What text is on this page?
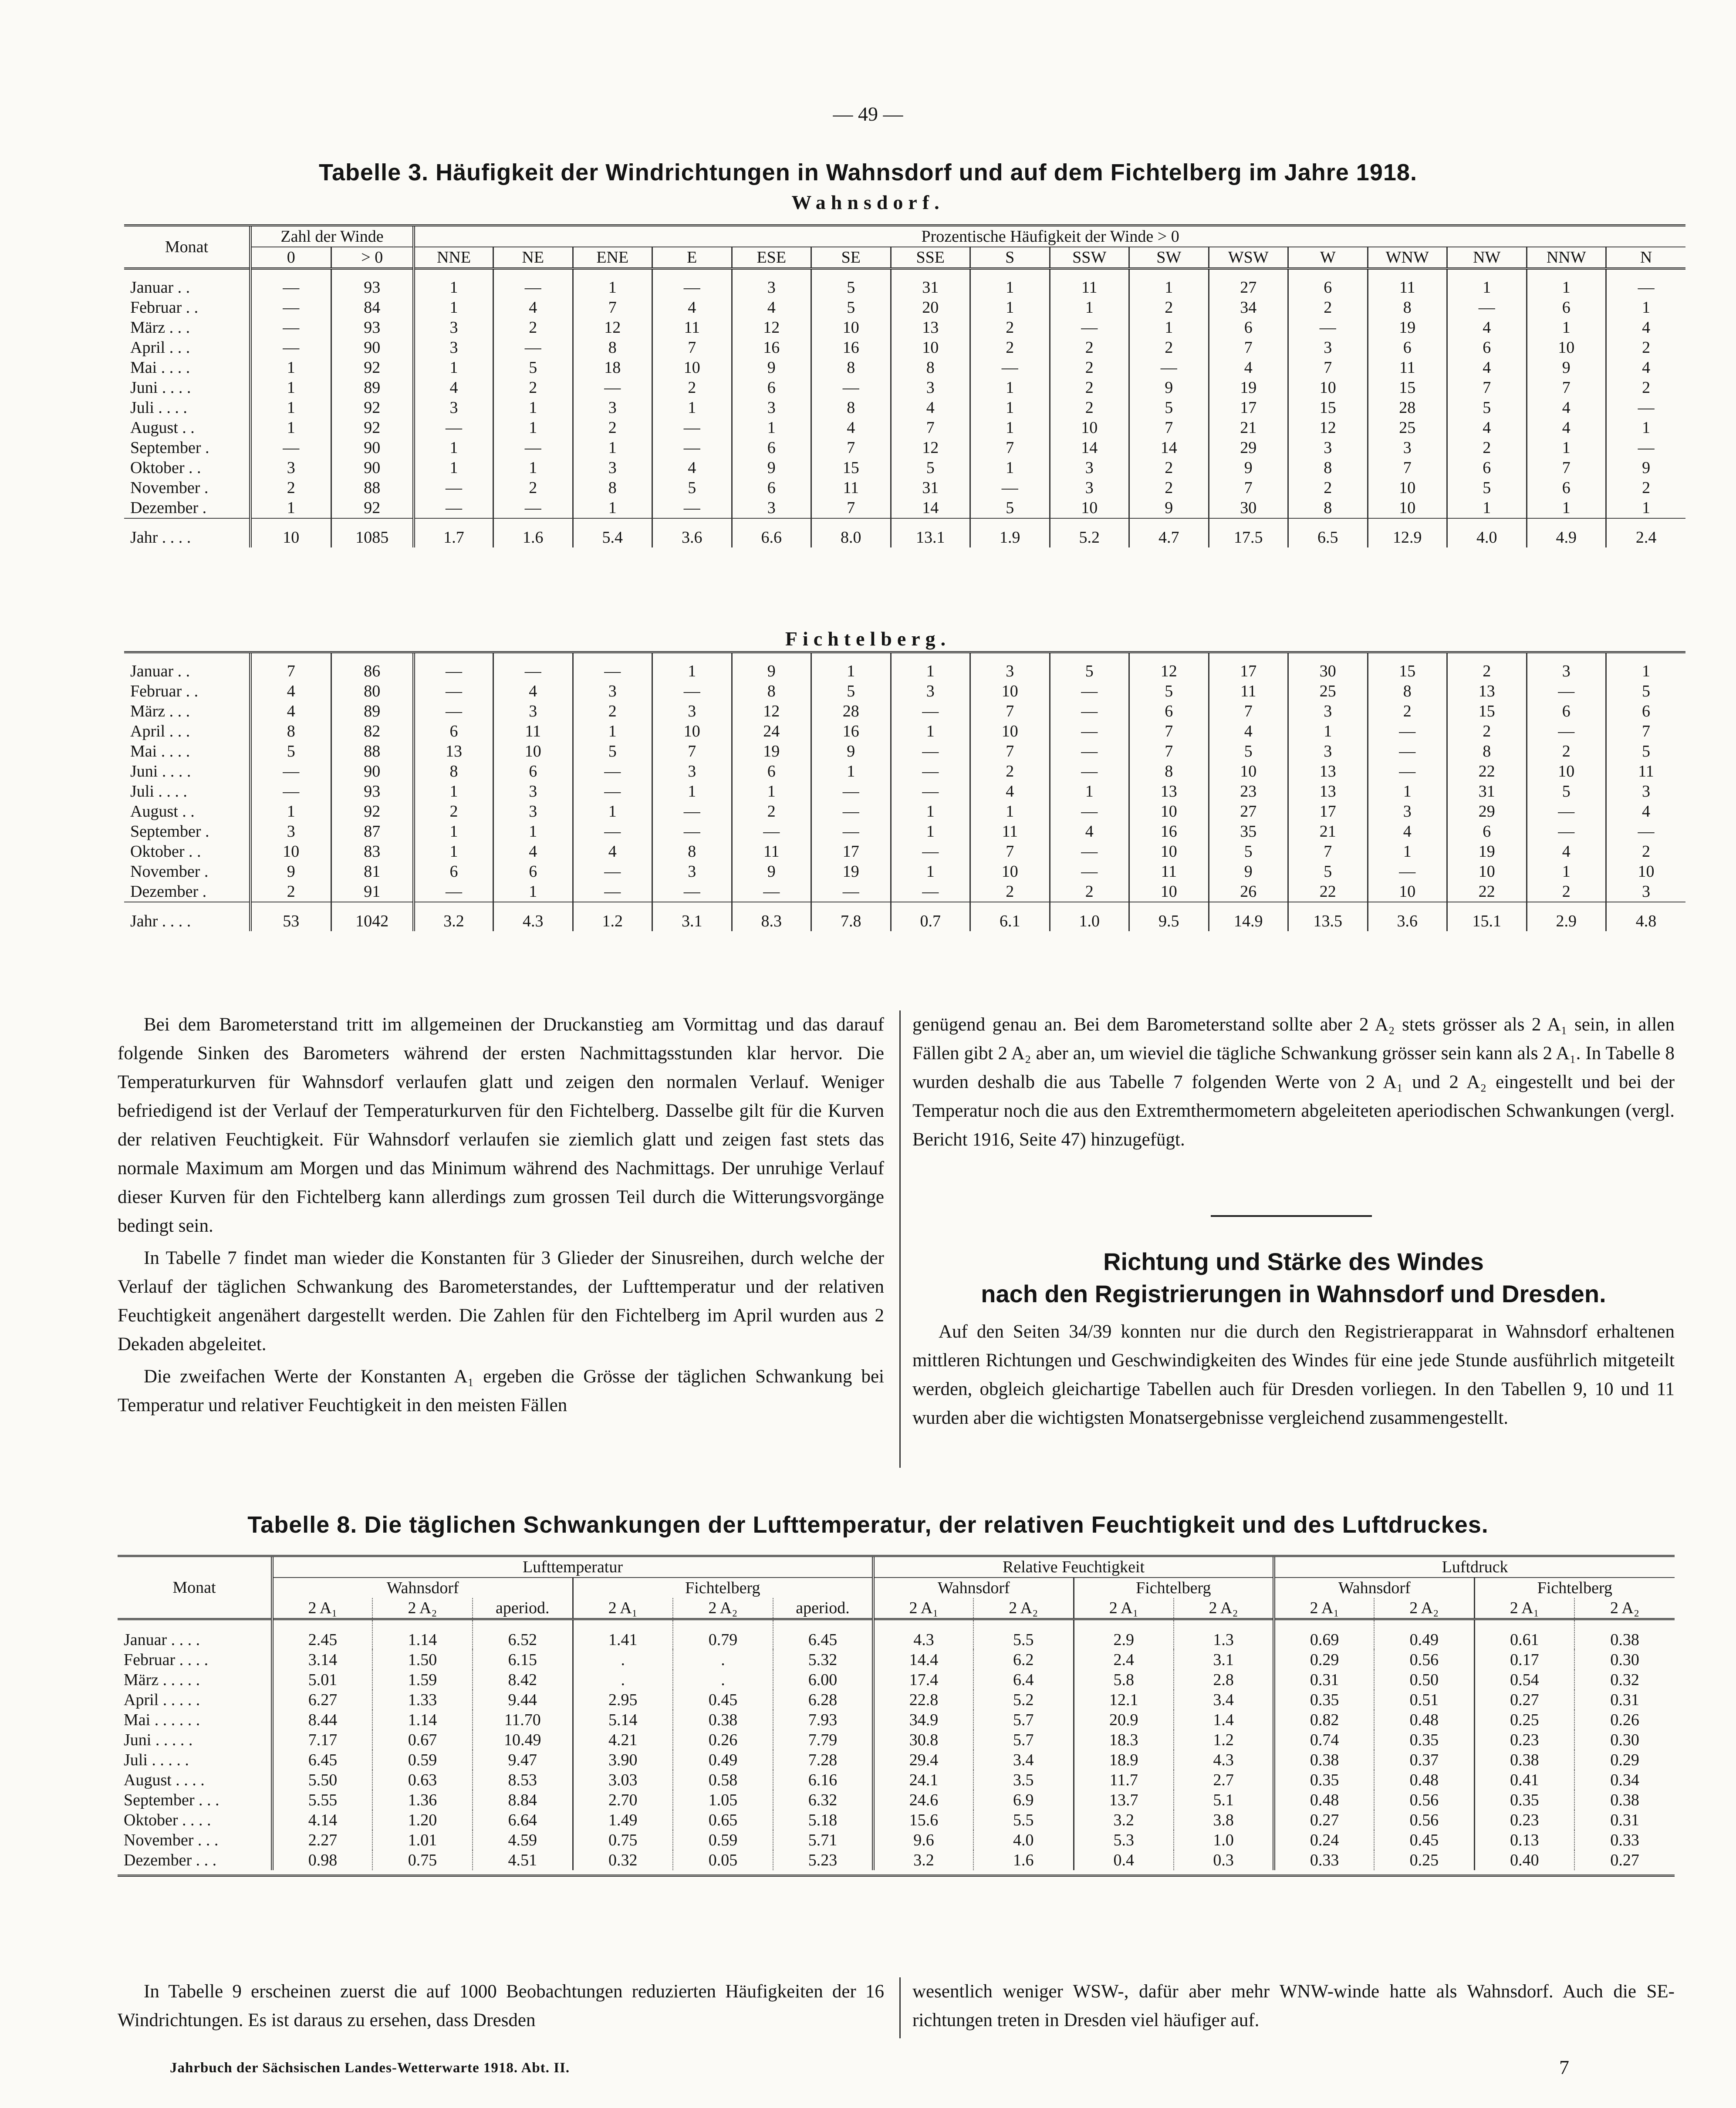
— 49 —
Tabelle 3. Häufigkeit der Windrichtungen in Wahnsdorf und auf dem Fichtelberg im Jahre 1918.
Wahnsdorf.
Monat	Zahl der Winde		Prozentische Häufigkeit der Winde > 0															
	0	> 0	NNE	NE	ENE	E	ESE	SE	SSE	S	SSW	SW	WSW	W	WNW	NW	NNW	N
Januar . .	—	93	1	—	1	—	3	5	31	1	11	1	27	6	11	1	1	—
Februar . .	—	84	1	4	7	4	4	5	20	1	1	2	34	2	8	—	6	1
März . . .	—	93	3	2	12	11	12	10	13	2	—	1	6	—	19	4	1	4
April . . .	—	90	3	—	8	7	16	16	10	2	2	2	7	3	6	6	10	2
Mai . . . .	1	92	1	5	18	10	9	8	8	—	2	—	4	7	11	4	9	4
Juni . . . .	1	89	4	2	—	2	6	—	3	1	2	9	19	10	15	7	7	2
Juli . . . .	1	92	3	1	3	1	3	8	4	1	2	5	17	15	28	5	4	—
August . .	1	92	—	1	2	—	1	4	7	1	10	7	21	12	25	4	4	1
September .	—	90	1	—	1	—	6	7	12	7	14	14	29	3	3	2	1	—
Oktober . .	3	90	1	1	3	4	9	15	5	1	3	2	9	8	7	6	7	9
November .	2	88	—	2	8	5	6	11	31	—	3	2	7	2	10	5	6	2
Dezember .	1	92	—	—	1	—	3	7	14	5	10	9	30	8	10	1	1	1
Jahr . . . .	10	1085	1.7	1.6	5.4	3.6	6.6	8.0	13.1	1.9	5.2	4.7	17.5	6.5	12.9	4.0	4.9	2.4
Fichtelberg.
Januar . .	7	86	—	—	—	1	9	1	1	3	5	12	17	30	15	2	3	1
Februar . .	4	80	—	4	3	—	8	5	3	10	—	5	11	25	8	13	—	5
März . . .	4	89	—	3	2	3	12	28	—	7	—	6	7	3	2	15	6	6
April . . .	8	82	6	11	1	10	24	16	1	10	—	7	4	1	—	2	—	7
Mai . . . .	5	88	13	10	5	7	19	9	—	7	—	7	5	3	—	8	2	5
Juni . . . .	—	90	8	6	—	3	6	1	—	2	—	8	10	13	—	22	10	11
Juli . . . .	—	93	1	3	—	1	1	—	—	4	1	13	23	13	1	31	5	3
August . .	1	92	2	3	1	—	2	—	1	1	—	10	27	17	3	29	—	4
September .	3	87	1	1	—	—	—	—	1	11	4	16	35	21	4	6	—	—
Oktober . .	10	83	1	4	4	8	11	17	—	7	—	10	5	7	1	19	4	2
November .	9	81	6	6	—	3	9	19	1	10	—	11	9	5	—	10	1	10
Dezember .	2	91	—	1	—	—	—	—	—	2	2	10	26	22	10	22	2	3
Jahr . . . .	53	1042	3.2	4.3	1.2	3.1	8.3	7.8	0.7	6.1	1.0	9.5	14.9	13.5	3.6	15.1	2.9	4.8

Bei dem Barometerstand tritt im allgemeinen der Druckanstieg am Vormittag und das darauf folgende Sinken des Barometers während der ersten Nachmittagsstunden klar hervor. Die Temperaturkurven für Wahnsdorf verlaufen glatt und zeigen den normalen Verlauf. Weniger befriedigend ist der Verlauf der Temperaturkurven für den Fichtelberg. Dasselbe gilt für die Kurven der relativen Feuchtigkeit. Für Wahnsdorf verlaufen sie ziemlich glatt und zeigen fast stets das normale Maximum am Morgen und das Minimum während des Nachmittags. Der unruhige Verlauf dieser Kurven für den Fichtelberg kann allerdings zum grossen Teil durch die Witterungsvorgänge bedingt sein.

In Tabelle 7 findet man wieder die Konstanten für 3 Glieder der Sinusreihen, durch welche der Verlauf der täglichen Schwankung des Barometerstandes, der Lufttemperatur und der relativen Feuchtigkeit angenähert dargestellt werden. Die Zahlen für den Fichtelberg im April wurden aus 2 Dekaden abgeleitet.

Die zweifachen Werte der Konstanten A₁ ergeben die Grösse der täglichen Schwankung bei Temperatur und relativer Feuchtigkeit in den meisten Fällen

genügend genau an. Bei dem Barometerstand sollte aber 2 A₂ stets grösser als 2 A₁ sein, in allen Fällen gibt 2 A₂ aber an, um wieviel die tägliche Schwankung grösser sein kann als 2 A₁. In Tabelle 8 wurden deshalb die aus Tabelle 7 folgenden Werte von 2 A₁ und 2 A₂ eingestellt und bei der Temperatur noch die aus den Extremthermometern abgeleiteten aperiodischen Schwankungen (vergl. Bericht 1916, Seite 47) hinzugefügt.

Richtung und Stärke des Windes
nach den Registrierungen in Wahnsdorf und Dresden.

Auf den Seiten 34/39 konnten nur die durch den Registrierapparat in Wahnsdorf erhaltenen mittleren Richtungen und Geschwindigkeiten des Windes für eine jede Stunde ausführlich mitgeteilt werden, obgleich gleichartige Tabellen auch für Dresden vorliegen. In den Tabellen 9, 10 und 11 wurden aber die wichtigsten Monatsergebnisse vergleichend zusammengestellt.

Tabelle 8. Die täglichen Schwankungen der Lufttemperatur, der relativen Feuchtigkeit und des Luftdruckes.
Monat	Lufttemperatur						Relative Feuchtigkeit				Luftdruck			
	Wahnsdorf			Fichtelberg			Wahnsdorf		Fichtelberg		Wahnsdorf		Fichtelberg	
	2 A₁	2 A₂	aperiod.	2 A₁	2 A₂	aperiod.	2 A₁	2 A₂	2 A₁	2 A₂	2 A₁	2 A₂	2 A₁	2 A₂
Januar . . . .	2.45	1.14	6.52	1.41	0.79	6.45	4.3	5.5	2.9	1.3	0.69	0.49	0.61	0.38
Februar . . . .	3.14	1.50	6.15	.	.	5.32	14.4	6.2	2.4	3.1	0.29	0.56	0.17	0.30
März . . . . .	5.01	1.59	8.42	.	.	6.00	17.4	6.4	5.8	2.8	0.31	0.50	0.54	0.32
April . . . . .	6.27	1.33	9.44	2.95	0.45	6.28	22.8	5.2	12.1	3.4	0.35	0.51	0.27	0.31
Mai . . . . . .	8.44	1.14	11.70	5.14	0.38	7.93	34.9	5.7	20.9	1.4	0.82	0.48	0.25	0.26
Juni . . . . .	7.17	0.67	10.49	4.21	0.26	7.79	30.8	5.7	18.3	1.2	0.74	0.35	0.23	0.30
Juli . . . . .	6.45	0.59	9.47	3.90	0.49	7.28	29.4	3.4	18.9	4.3	0.38	0.37	0.38	0.29
August . . . .	5.50	0.63	8.53	3.03	0.58	6.16	24.1	3.5	11.7	2.7	0.35	0.48	0.41	0.34
September . . .	5.55	1.36	8.84	2.70	1.05	6.32	24.6	6.9	13.7	5.1	0.48	0.56	0.35	0.38
Oktober . . . .	4.14	1.20	6.64	1.49	0.65	5.18	15.6	5.5	3.2	3.8	0.27	0.56	0.23	0.31
November . . .	2.27	1.01	4.59	0.75	0.59	5.71	9.6	4.0	5.3	1.0	0.24	0.45	0.13	0.33
Dezember . . .	0.98	0.75	4.51	0.32	0.05	5.23	3.2	1.6	0.4	0.3	0.33	0.25	0.40	0.27

In Tabelle 9 erscheinen zuerst die auf 1000 Beobachtungen reduzierten Häufigkeiten der 16 Windrichtungen. Es ist daraus zu ersehen, dass Dresden

wesentlich weniger WSW-, dafür aber mehr WNW-winde hatte als Wahnsdorf. Auch die SE-richtungen treten in Dresden viel häufiger auf.

Jahrbuch der Sächsischen Landes-Wetterwarte 1918. Abt. II.	7
